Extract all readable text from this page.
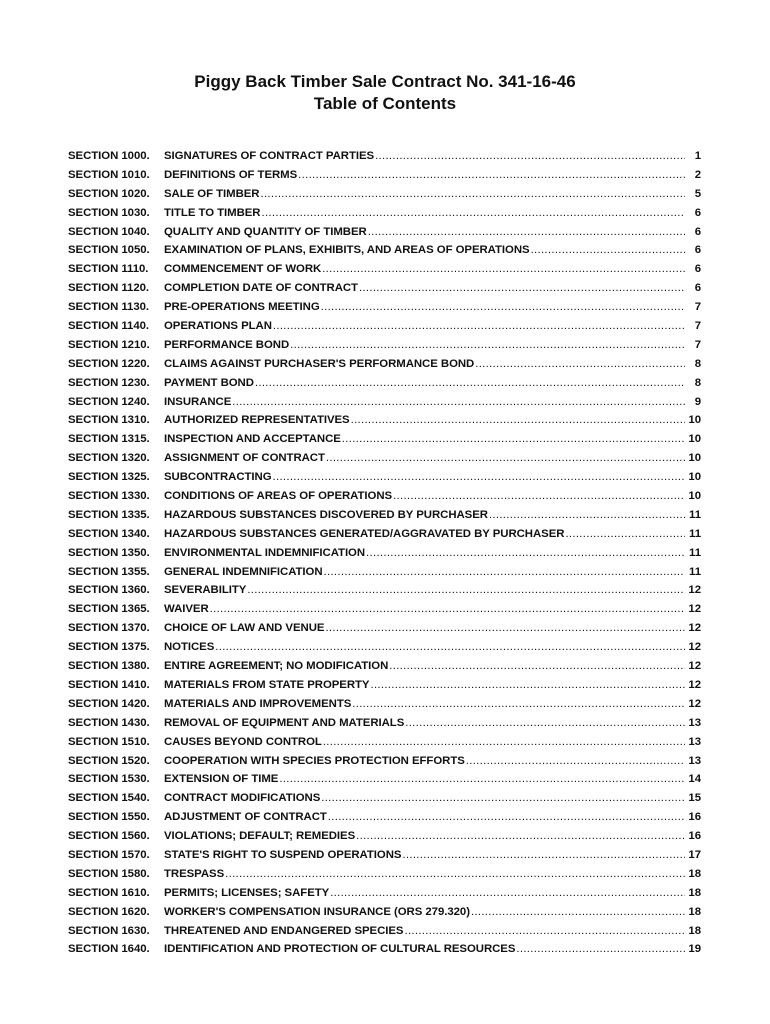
Piggy Back Timber Sale Contract No. 341-16-46
Table of Contents
SECTION 1000.	SIGNATURES OF CONTRACT PARTIES .....	1
SECTION 1010.	DEFINITIONS OF TERMS .....	2
SECTION 1020.	SALE OF TIMBER .....	5
SECTION 1030.	TITLE TO TIMBER .....	6
SECTION 1040.	QUALITY AND QUANTITY OF TIMBER .....	6
SECTION 1050.	EXAMINATION OF PLANS, EXHIBITS, AND AREAS OF OPERATIONS .....	6
SECTION 1110.	COMMENCEMENT OF WORK .....	6
SECTION 1120.	COMPLETION DATE OF CONTRACT .....	6
SECTION 1130.	PRE-OPERATIONS MEETING .....	7
SECTION 1140.	OPERATIONS PLAN .....	7
SECTION 1210.	PERFORMANCE BOND .....	7
SECTION 1220.	CLAIMS AGAINST PURCHASER'S PERFORMANCE BOND .....	8
SECTION 1230.	PAYMENT BOND .....	8
SECTION 1240.	INSURANCE .....	9
SECTION 1310.	AUTHORIZED REPRESENTATIVES .....	10
SECTION 1315.	INSPECTION AND ACCEPTANCE .....	10
SECTION 1320.	ASSIGNMENT OF CONTRACT .....	10
SECTION 1325.	SUBCONTRACTING .....	10
SECTION 1330.	CONDITIONS OF AREAS OF OPERATIONS .....	10
SECTION 1335.	HAZARDOUS SUBSTANCES DISCOVERED BY PURCHASER .....	11
SECTION 1340.	HAZARDOUS SUBSTANCES GENERATED/AGGRAVATED BY PURCHASER .....	11
SECTION 1350.	ENVIRONMENTAL INDEMNIFICATION .....	11
SECTION 1355.	GENERAL INDEMNIFICATION .....	11
SECTION 1360.	SEVERABILITY .....	12
SECTION 1365.	WAIVER .....	12
SECTION 1370.	CHOICE OF LAW AND VENUE .....	12
SECTION 1375.	NOTICES .....	12
SECTION 1380.	ENTIRE AGREEMENT; NO MODIFICATION .....	12
SECTION 1410.	MATERIALS FROM STATE PROPERTY .....	12
SECTION 1420.	MATERIALS AND IMPROVEMENTS .....	12
SECTION 1430.	REMOVAL OF EQUIPMENT AND MATERIALS .....	13
SECTION 1510.	CAUSES BEYOND CONTROL .....	13
SECTION 1520.	COOPERATION WITH SPECIES PROTECTION EFFORTS .....	13
SECTION 1530.	EXTENSION OF TIME .....	14
SECTION 1540.	CONTRACT MODIFICATIONS .....	15
SECTION 1550.	ADJUSTMENT OF CONTRACT .....	16
SECTION 1560.	VIOLATIONS; DEFAULT; REMEDIES .....	16
SECTION 1570.	STATE'S RIGHT TO SUSPEND OPERATIONS .....	17
SECTION 1580.	TRESPASS .....	18
SECTION 1610.	PERMITS; LICENSES; SAFETY .....	18
SECTION 1620.	WORKER'S COMPENSATION INSURANCE (ORS 279.320) .....	18
SECTION 1630.	THREATENED AND ENDANGERED SPECIES .....	18
SECTION 1640.	IDENTIFICATION AND PROTECTION OF CULTURAL RESOURCES .....	19
